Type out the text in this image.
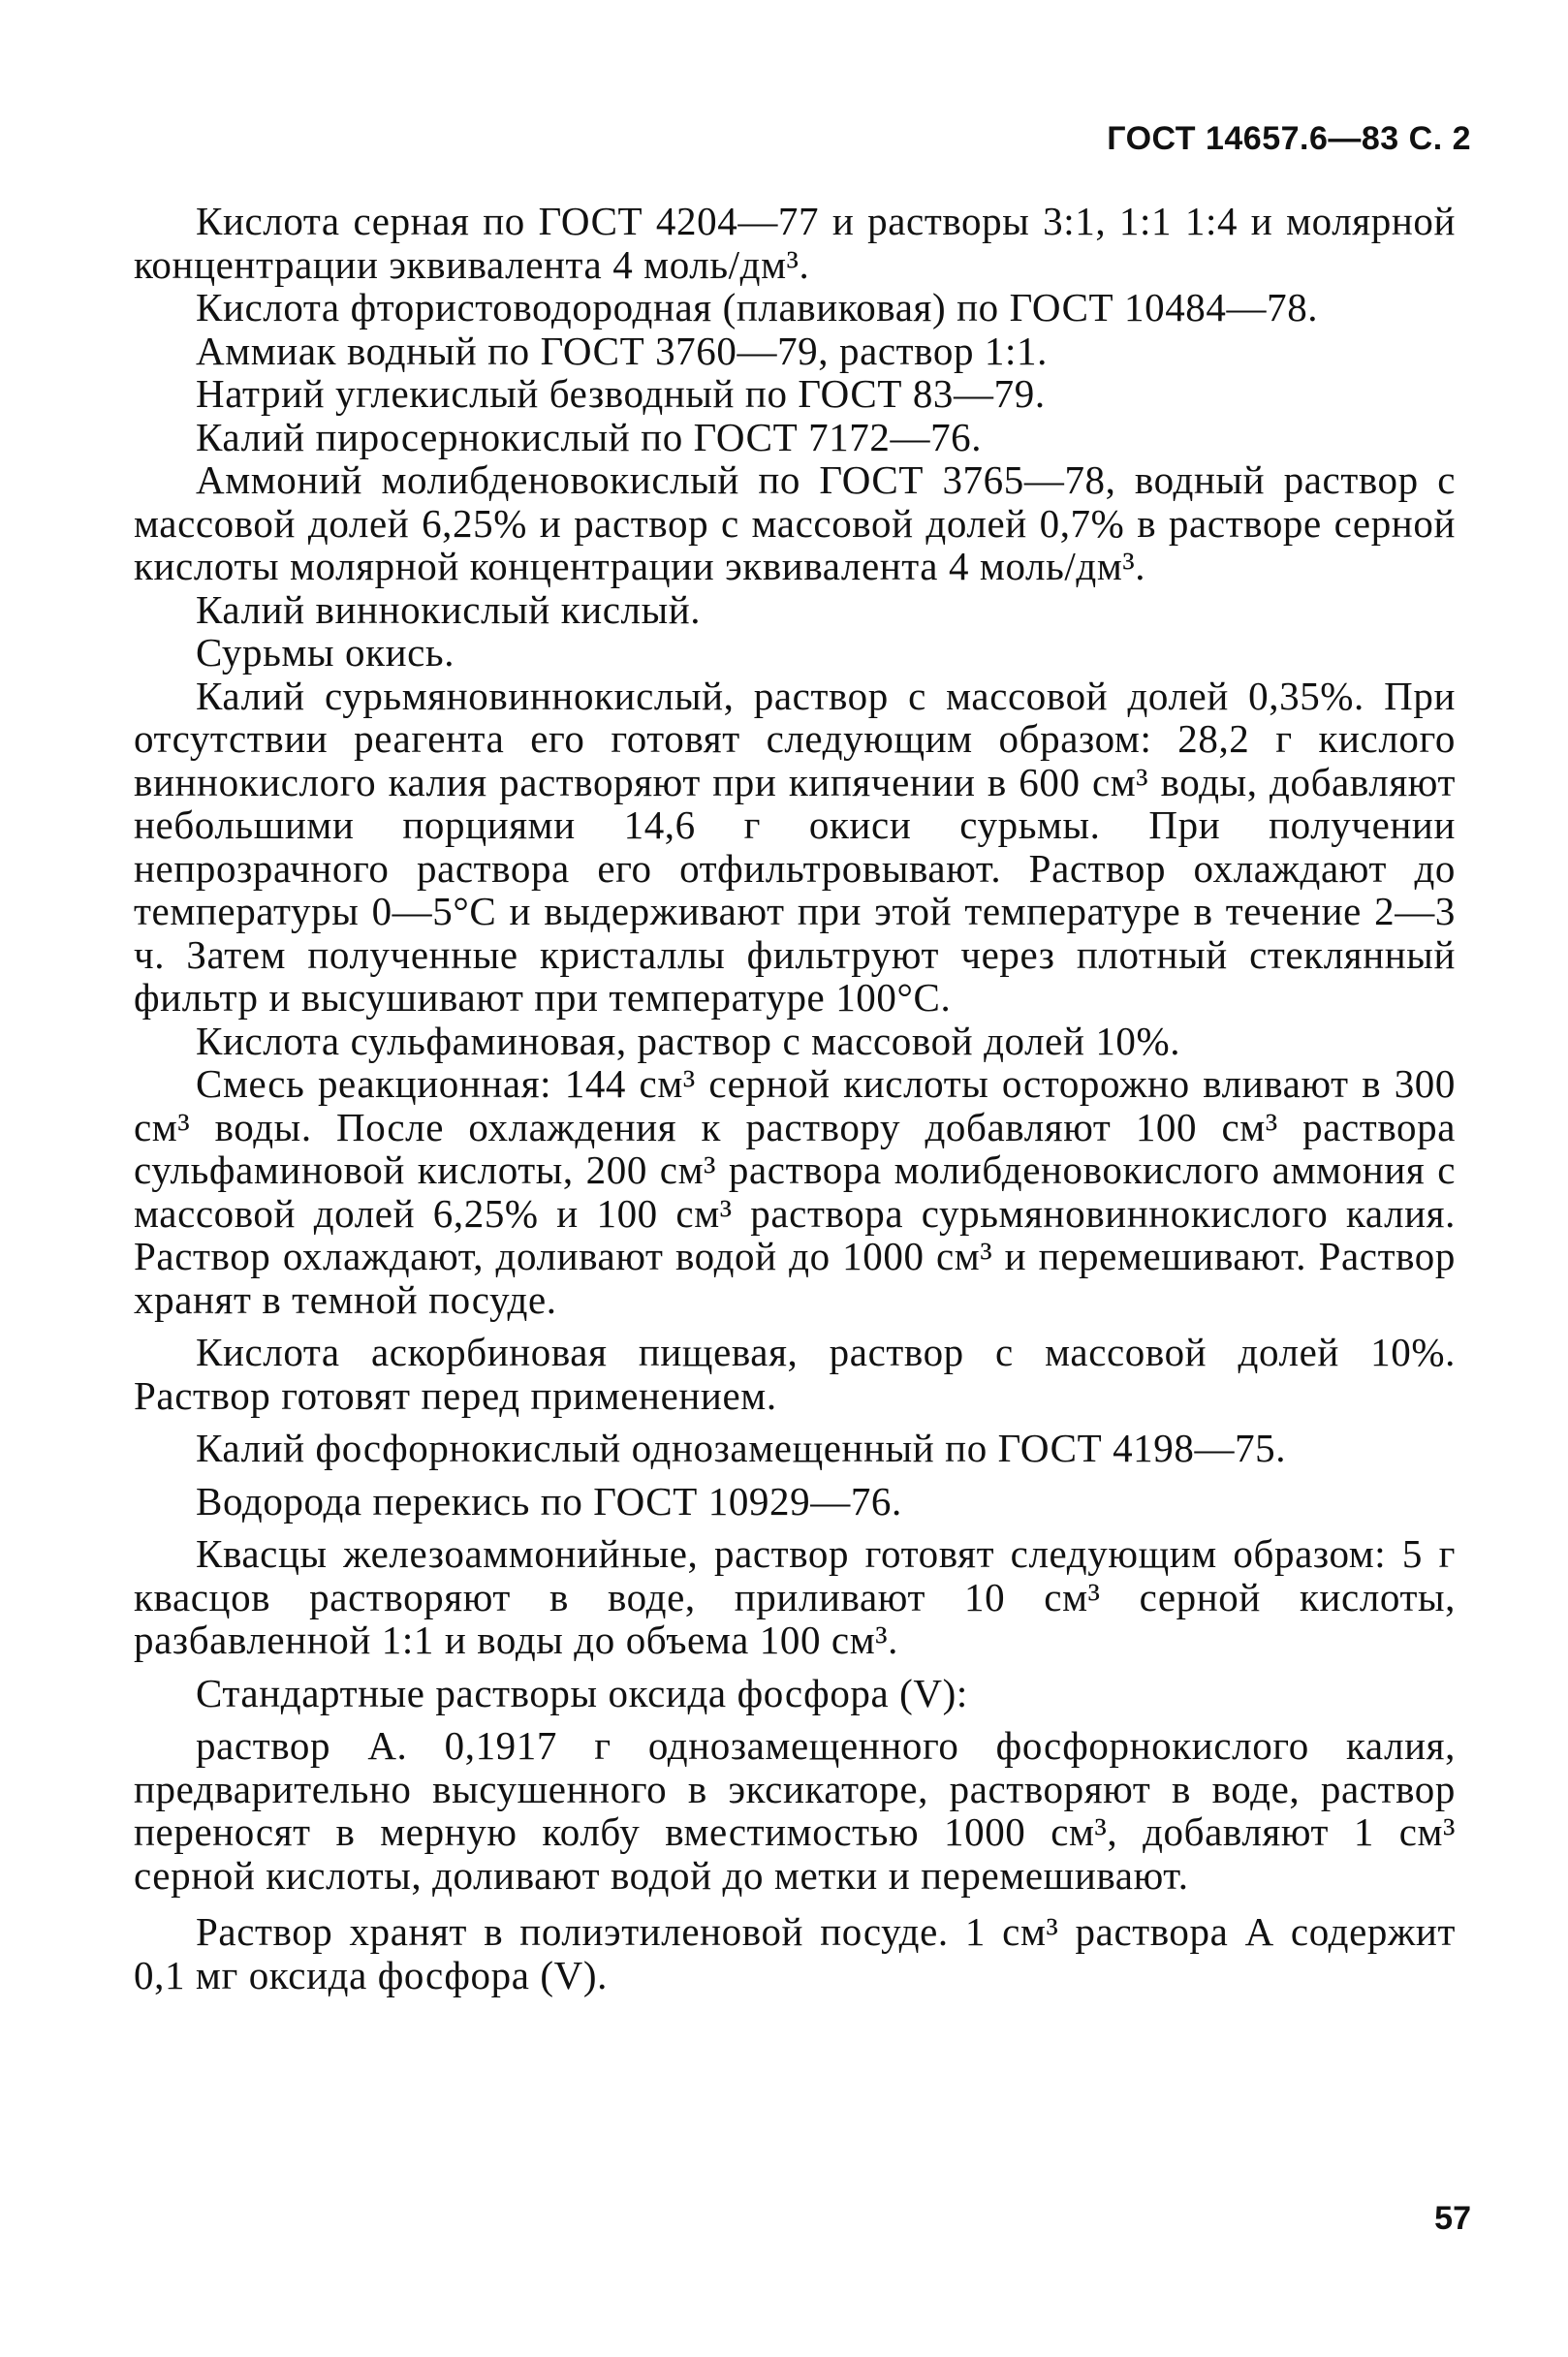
ГОСТ 14657.6—83 С. 2

Кислота серная по ГОСТ 4204—77 и растворы 3:1, 1:1 1:4 и молярной концентрации эквивалента 4 моль/дм³.

Кислота фтористоводородная (плавиковая) по ГОСТ 10484—78.

Аммиак водный по ГОСТ 3760—79, раствор 1:1.

Натрий углекислый безводный по ГОСТ 83—79.

Калий пиросернокислый по ГОСТ 7172—76.

Аммоний молибденовокислый по ГОСТ 3765—78, водный раствор с массовой долей 6,25% и раствор с массовой долей 0,7% в растворе серной кислоты молярной концентрации эквивалента 4 моль/дм³.

Калий виннокислый кислый.

Сурьмы окись.

Калий сурьмяновиннокислый, раствор с массовой долей 0,35%. При отсутствии реагента его готовят следующим образом: 28,2 г кислого виннокислого калия растворяют при кипячении в 600 см³ воды, добавляют небольшими порциями 14,6 г окиси сурьмы. При получении непрозрачного раствора его отфильтровывают. Раствор охлаждают до температуры 0—5°С и выдерживают при этой температуре в течение 2—3 ч. Затем полученные кристаллы фильтруют через плотный стеклянный фильтр и высушивают при температуре 100°С.

Кислота сульфаминовая, раствор с массовой долей 10%.

Смесь реакционная: 144 см³ серной кислоты осторожно вливают в 300 см³ воды. После охлаждения к раствору добавляют 100 см³ раствора сульфаминовой кислоты, 200 см³ раствора молибденовокислого аммония с массовой долей 6,25% и 100 см³ раствора сурьмяновиннокислого калия. Раствор охлаждают, доливают водой до 1000 см³ и перемешивают. Раствор хранят в темной посуде.

Кислота аскорбиновая пищевая, раствор с массовой долей 10%. Раствор готовят перед применением.

Калий фосфорнокислый однозамещенный по ГОСТ 4198—75.

Водорода перекись по ГОСТ 10929—76.

Квасцы железоаммонийные, раствор готовят следующим образом: 5 г квасцов растворяют в воде, приливают 10 см³ серной кислоты, разбавленной 1:1 и воды до объема 100 см³.

Стандартные растворы оксида фосфора (V):

раствор А. 0,1917 г однозамещенного фосфорнокислого калия, предварительно высушенного в эксикаторе, растворяют в воде, раствор переносят в мерную колбу вместимостью 1000 см³, добавляют 1 см³ серной кислоты, доливают водой до метки и перемешивают.

Раствор хранят в полиэтиленовой посуде. 1 см³ раствора А содержит 0,1 мг оксида фосфора (V).

57
